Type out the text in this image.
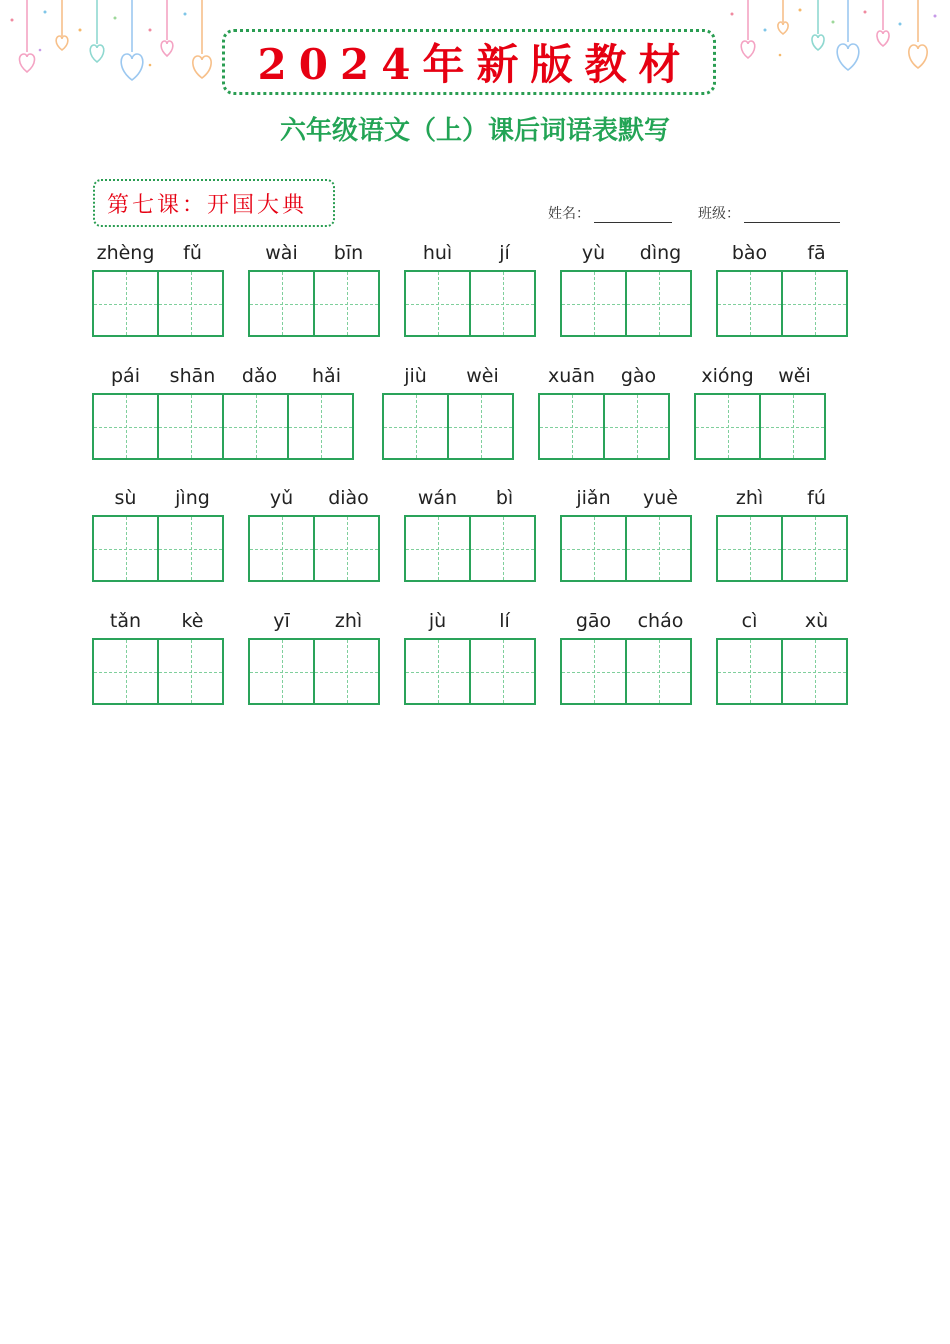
2024年新版教材
六年级语文（上）课后词语表默写
第七课：开国大典	姓名：	班级：
zhèng	fǔ	wài	bīn	huì	jí	yù	dìng	bào	fā
pái	shān	dǎo	hǎi	jiù	wèi	xuān	gào	xióng	wěi
sù	jìng	yǔ	diào	wán	bì	jiǎn	yuè	zhì	fú
tǎn	kè	yī	zhì	jù	lí	gāo	cháo	cì	xù
